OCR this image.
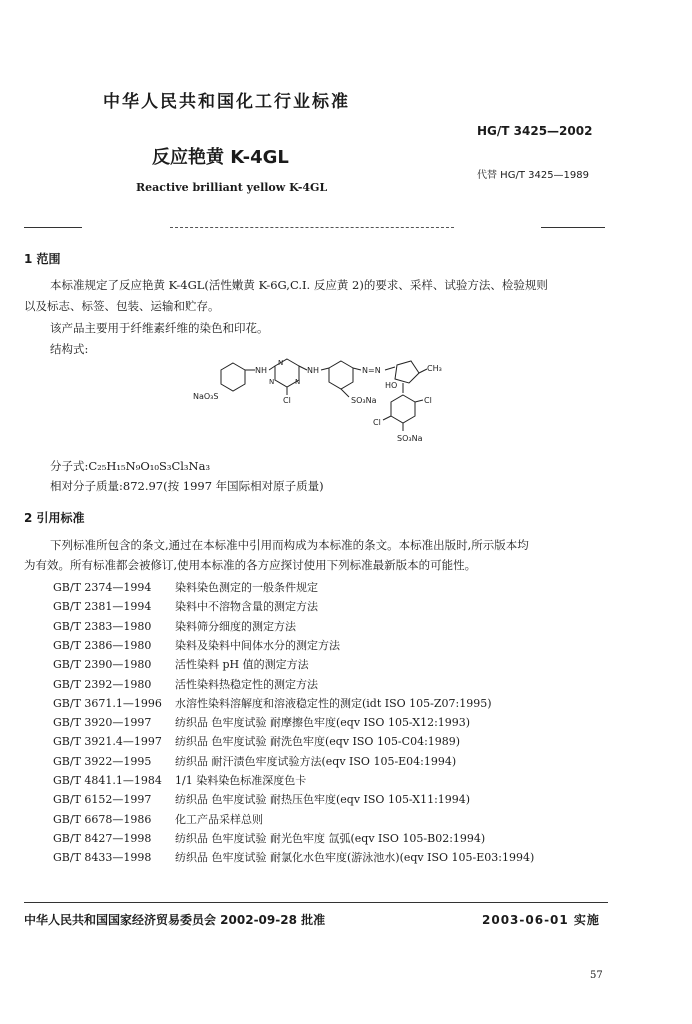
中华人民共和国化工行业标准
HG/T 3425—2002
反应艳黄 K-4GL
代替 HG/T 3425—1989
Reactive brilliant yellow K-4GL
1 范围
本标准规定了反应艳黄 K-4GL(活性嫩黄 K-6G,C.I. 反应黄 2)的要求、采样、试验方法、检验规则
以及标志、标签、包装、运输和贮存。
该产品主要用于纤维素纤维的染色和印花。
结构式:
NH
N
N	N
Cl
NH	N=N	CH₃
HO
NaO₃S	SO₃Na	Cl
Cl
SO₃Na
分子式:C₂₅H₁₅N₉O₁₀S₃Cl₃Na₃
相对分子质量:872.97(按 1997 年国际相对原子质量)
2 引用标准
下列标准所包含的条文,通过在本标准中引用而构成为本标准的条文。本标准出版时,所示版本均
为有效。所有标准都会被修订,使用本标准的各方应探讨使用下列标准最新版本的可能性。
GB/T 2374—1994 染料染色测定的一般条件规定
GB/T 2381—1994 染料中不溶物含量的测定方法
GB/T 2383—1980 染料筛分细度的测定方法
GB/T 2386—1980 染料及染料中间体水分的测定方法
GB/T 2390—1980 活性染料 pH 值的测定方法
GB/T 2392—1980 活性染料热稳定性的测定方法
GB/T 3671.1—1996 水溶性染料溶解度和溶液稳定性的测定(idt ISO 105-Z07:1995)
GB/T 3920—1997 纺织品 色牢度试验 耐摩擦色牢度(eqv ISO 105-X12:1993)
GB/T 3921.4—1997 纺织品 色牢度试验 耐洗色牢度(eqv ISO 105-C04:1989)
GB/T 3922—1995 纺织品 耐汗渍色牢度试验方法(eqv ISO 105-E04:1994)
GB/T 4841.1—1984 1/1 染料染色标准深度色卡
GB/T 6152—1997 纺织品 色牢度试验 耐热压色牢度(eqv ISO 105-X11:1994)
GB/T 6678—1986 化工产品采样总则
GB/T 8427—1998 纺织品 色牢度试验 耐光色牢度 氙弧(eqv ISO 105-B02:1994)
GB/T 8433—1998 纺织品 色牢度试验 耐氯化水色牢度(游泳池水)(eqv ISO 105-E03:1994)
中华人民共和国国家经济贸易委员会 2002-09-28 批准	2003-06-01 实施
57
